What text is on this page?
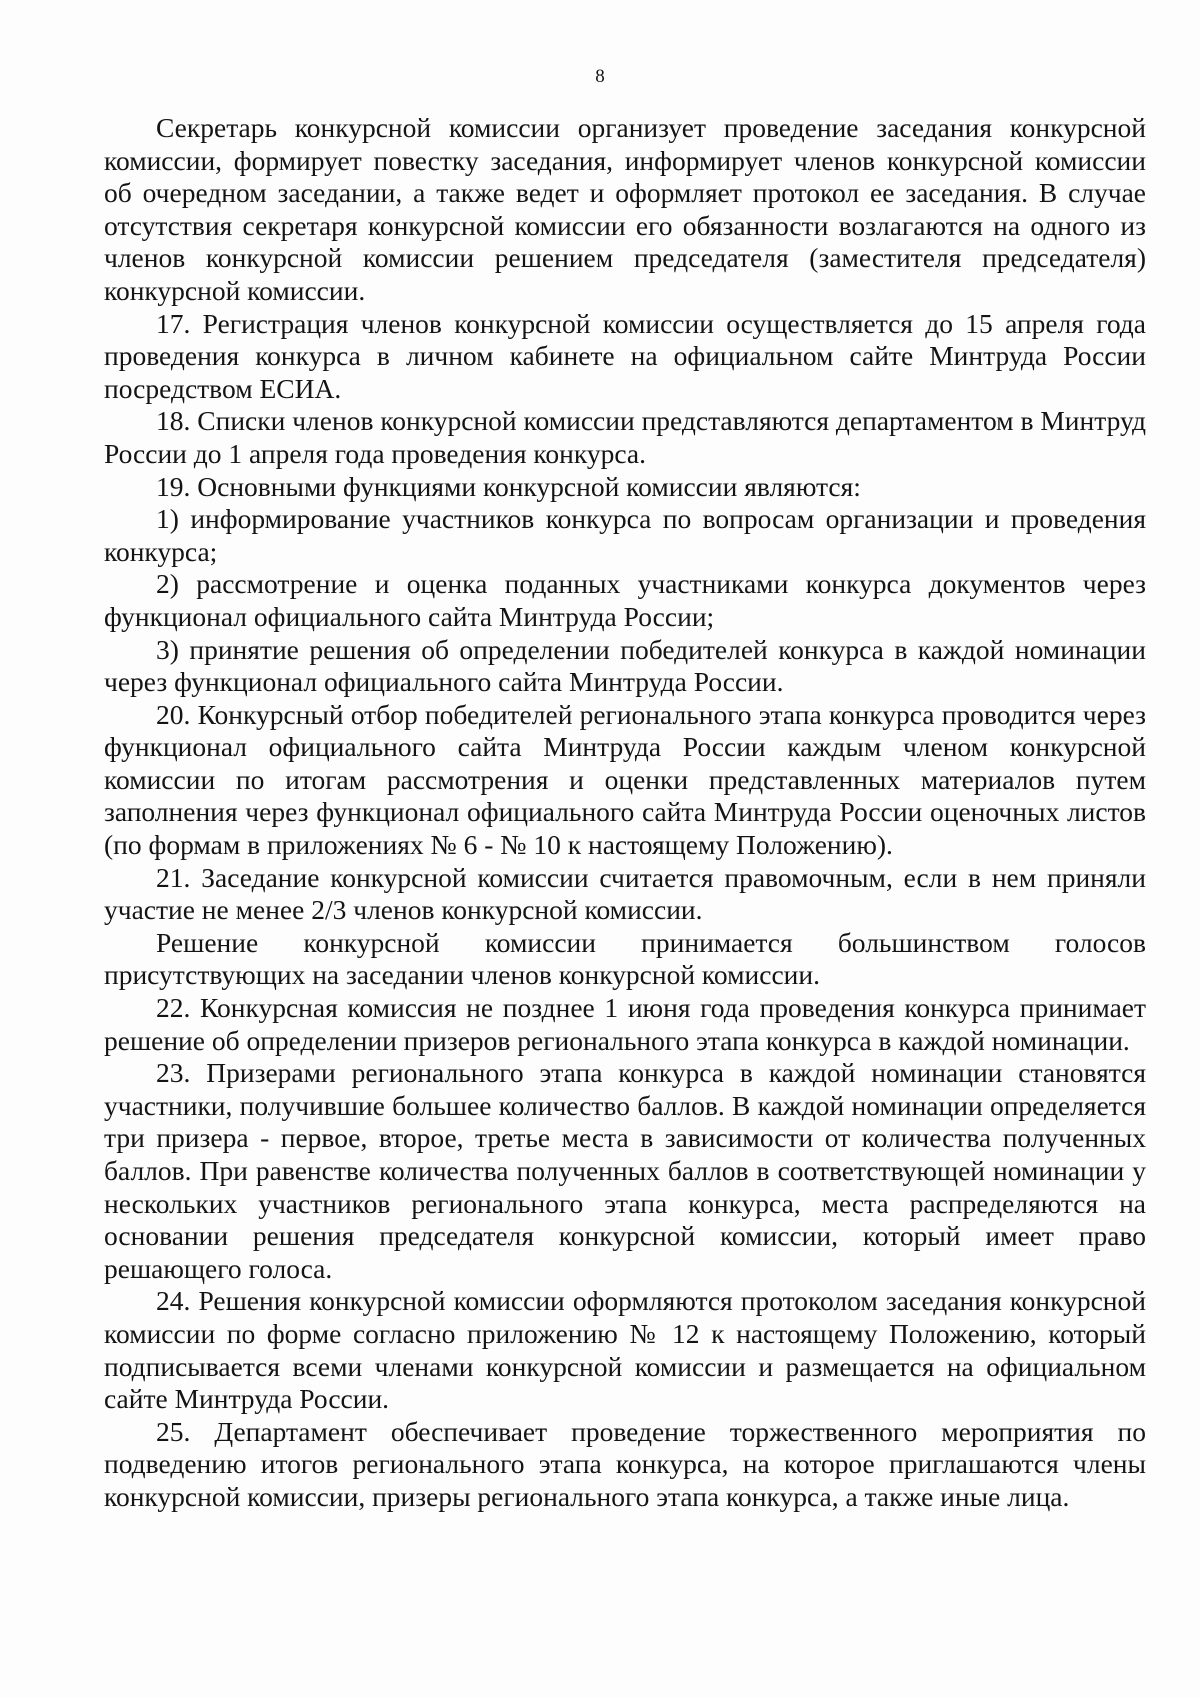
8

Секретарь конкурсной комиссии организует проведение заседания конкурсной комиссии, формирует повестку заседания, информирует членов конкурсной комиссии об очередном заседании, а также ведет и оформляет протокол ее заседания. В случае отсутствия секретаря конкурсной комиссии его обязанности возлагаются на одного из членов конкурсной комиссии решением председателя (заместителя председателя) конкурсной комиссии.

17. Регистрация членов конкурсной комиссии осуществляется до 15 апреля года проведения конкурса в личном кабинете на официальном сайте Минтруда России посредством ЕСИА.

18. Списки членов конкурсной комиссии представляются департаментом в Минтруд России до 1 апреля года проведения конкурса.

19. Основными функциями конкурсной комиссии являются:

1) информирование участников конкурса по вопросам организации и проведения конкурса;

2) рассмотрение и оценка поданных участниками конкурса документов через функционал официального сайта Минтруда России;

3) принятие решения об определении победителей конкурса в каждой номинации через функционал официального сайта Минтруда России.

20. Конкурсный отбор победителей регионального этапа конкурса проводится через функционал официального сайта Минтруда России каждым членом конкурсной комиссии по итогам рассмотрения и оценки представленных материалов путем заполнения через функционал официального сайта Минтруда России оценочных листов (по формам в приложениях № 6 - № 10 к настоящему Положению).

21. Заседание конкурсной комиссии считается правомочным, если в нем приняли участие не менее 2/3 членов конкурсной комиссии.

Решение конкурсной комиссии принимается большинством голосов присутствующих на заседании членов конкурсной комиссии.

22. Конкурсная комиссия не позднее 1 июня года проведения конкурса принимает решение об определении призеров регионального этапа конкурса в каждой номинации.

23. Призерами регионального этапа конкурса в каждой номинации становятся участники, получившие большее количество баллов. В каждой номинации определяется три призера - первое, второе, третье места в зависимости от количества полученных баллов. При равенстве количества полученных баллов в соответствующей номинации у нескольких участников регионального этапа конкурса, места распределяются на основании решения председателя конкурсной комиссии, который имеет право решающего голоса.

24. Решения конкурсной комиссии оформляются протоколом заседания конкурсной комиссии по форме согласно приложению № 12 к настоящему Положению, который подписывается всеми членами конкурсной комиссии и размещается на официальном сайте Минтруда России.

25. Департамент обеспечивает проведение торжественного мероприятия по подведению итогов регионального этапа конкурса, на которое приглашаются члены конкурсной комиссии, призеры регионального этапа конкурса, а также иные лица.
